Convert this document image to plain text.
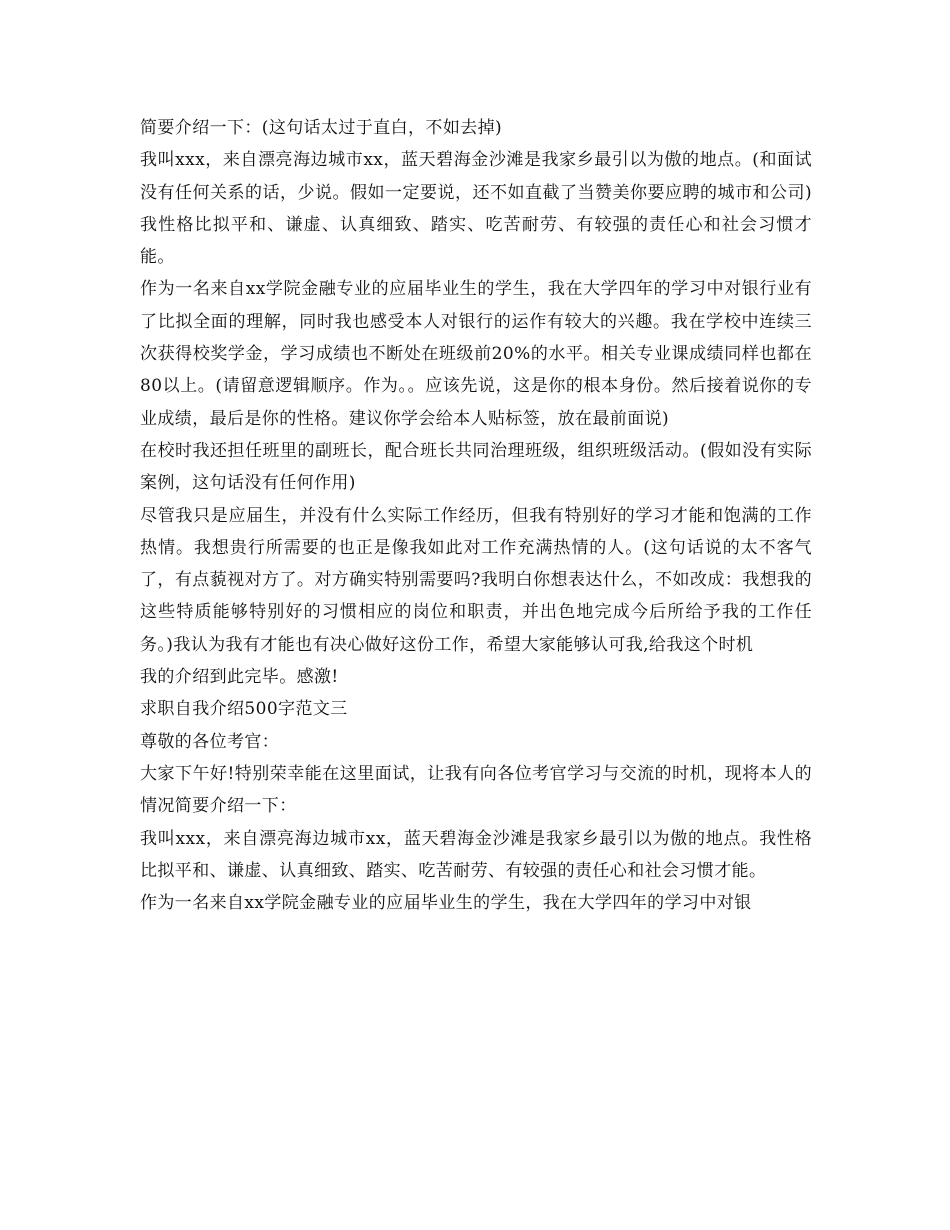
简要介绍一下：(这句话太过于直白，不如去掉)

我叫xxx，来自漂亮海边城市xx，蓝天碧海金沙滩是我家乡最引以为傲的地点。(和面试没有任何关系的话，少说。假如一定要说，还不如直截了当赞美你要应聘的城市和公司)我性格比拟平和、谦虚、认真细致、踏实、吃苦耐劳、有较强的责任心和社会习惯才能。

作为一名来自xx学院金融专业的应届毕业生的学生，我在大学四年的学习中对银行业有了比拟全面的理解，同时我也感受本人对银行的运作有较大的兴趣。我在学校中连续三次获得校奖学金，学习成绩也不断处在班级前20%的水平。相关专业课成绩同样也都在80以上。(请留意逻辑顺序。作为。。应该先说，这是你的根本身份。然后接着说你的专业成绩，最后是你的性格。建议你学会给本人贴标签，放在最前面说)

在校时我还担任班里的副班长，配合班长共同治理班级，组织班级活动。(假如没有实际案例，这句话没有任何作用)

尽管我只是应届生，并没有什么实际工作经历，但我有特别好的学习才能和饱满的工作热情。我想贵行所需要的也正是像我如此对工作充满热情的人。(这句话说的太不客气了，有点藐视对方了。对方确实特别需要吗?我明白你想表达什么，不如改成：我想我的这些特质能够特别好的习惯相应的岗位和职责，并出色地完成今后所给予我的工作任务。)我认为我有才能也有决心做好这份工作，希望大家能够认可我,给我这个时机

我的介绍到此完毕。感激!

求职自我介绍500字范文三

尊敬的各位考官：

大家下午好!特别荣幸能在这里面试，让我有向各位考官学习与交流的时机，现将本人的情况简要介绍一下：

我叫xxx，来自漂亮海边城市xx，蓝天碧海金沙滩是我家乡最引以为傲的地点。我性格比拟平和、谦虚、认真细致、踏实、吃苦耐劳、有较强的责任心和社会习惯才能。

作为一名来自xx学院金融专业的应届毕业生的学生，我在大学四年的学习中对银
